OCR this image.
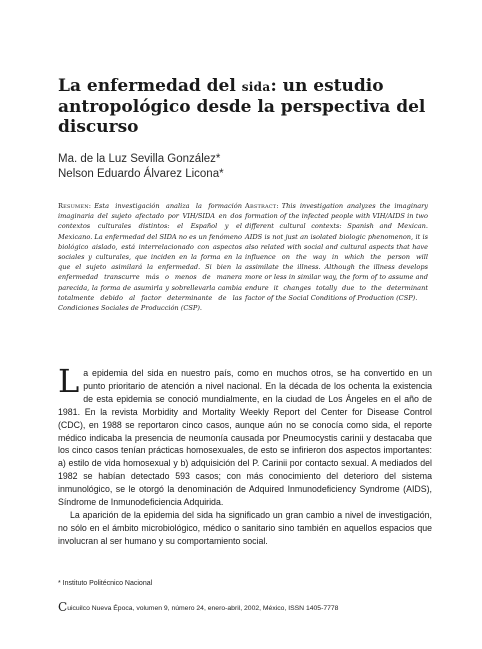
La enfermedad del sida: un estudio antropológico desde la perspectiva del discurso
Ma. de la Luz Sevilla González*
Nelson Eduardo Álvarez Licona*
Resumen: Esta investigación analiza la formación imaginaria del sujeto afectado por VIH/SIDA en dos contextos culturales distintos: el Español y el Mexicano. La enfermedad del SIDA no es un fenómeno biológico aislado, está interrelacionado con aspectos sociales y culturales, que inciden en la forma en la que el sujeto asimilará la enfermedad. Si bien la enfermedad transcurre más o menos de manera parecida, la forma de asumirla y sobrellevarla cambia totalmente debido al factor determinante de las Condiciones Sociales de Producción (CSP).
Abstract: This investigation analyzes the imaginary formation of the infected people with VIH/AIDS in two different cultural contexts: Spanish and Mexican. AIDS is not just an isolated biologic phenomenon, it is also related with social and cultural aspects that have influence on the way in which the person will assimilate the illness. Although the illness develops more or less in similar way, the form of to assume and endure it changes totally due to the determinant factor of the Social Conditions of Production (CSP).

La epidemia del sida en nuestro país, como en muchos otros, se ha convertido en un punto prioritario de atención a nivel nacional. En la década de los ochenta la existencia de esta epidemia se conoció mundialmente, en la ciudad de Los Ángeles en el año de 1981. En la revista Morbidity and Mortality Weekly Report del Center for Disease Control (CDC), en 1988 se reportaron cinco casos, aunque aún no se conocía como sida, el reporte médico indicaba la presencia de neumonía causada por Pneumocystis carinii y destacaba que los cinco casos tenían prácticas homosexuales, de esto se infirieron dos aspectos importantes: a) estilo de vida homosexual y b) adquisición del P. Carinii por contacto sexual. A mediados del 1982 se habían detectado 593 casos; con más conocimiento del deterioro del sistema inmunológico, se le otorgó la denominación de Adquired Inmunodeficiency Syndrome (AIDS), Síndrome de Inmunodeficiencia Adquirida.

La aparición de la epidemia del sida ha significado un gran cambio a nivel de investigación, no sólo en el ámbito microbiológico, médico o sanitario sino también en aquellos espacios que involucran al ser humano y su comportamiento social.

* Instituto Politécnico Nacional
Cuicuilco Nueva Época, volumen 9, número 24, enero-abril, 2002, México, ISSN 1405-7778
